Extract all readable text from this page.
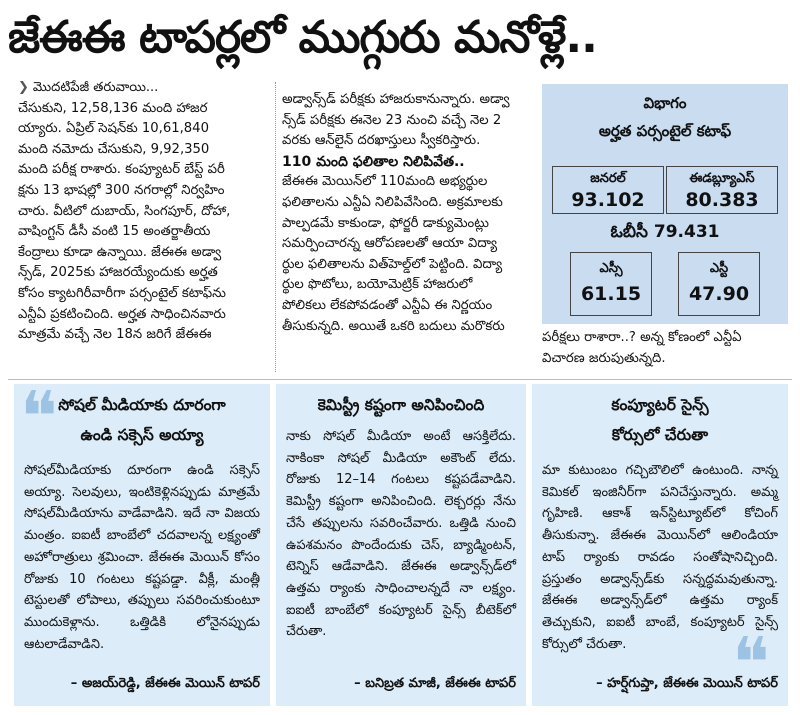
జేఈఈ టాపర్లలో ముగ్గురు మనోళ్లే..

❯ మొదటిపేజీ తరువాయి...

చేసుకుని, 12,58,136 మంది హాజర

య్యారు. ఏప్రిల్ సెషన్‌కు 10,61,840

మంది నమోదు చేసుకుని, 9,92,350

మంది పరీక్ష రాశారు. కంప్యూటర్ బేస్ట్ పరీ

క్షను 13 భాషల్లో 300 నగరాల్లో నిర్వహిం

చారు. వీటిలో దుబాయ్, సింగపూర్, దోహా,

వాషింగ్టన్ డీసీ వంటి 15 అంతర్జాతీయ

కేంద్రాలు కూడా ఉన్నాయి. జేఈఈ అడ్వా

న్స్‌డ్, 2025కు హాజరయ్యేందుకు అర్హత

కోసం క్యాటగిరీవారీగా పర్సంటైల్ కటాఫ్‌ను

ఎన్టీఏ ప్రకటించింది. అర్హత సాధించినవారు

మాత్రమే వచ్చే నెల 18న జరిగే జేఈఈ

అడ్వాన్స్‌డ్ పరీక్షకు హాజరుకానున్నారు. అడ్వా

న్స్‌డ్ పరీక్షకు ఈనెల 23 నుంచి వచ్చే నెల 2

వరకు ఆన్‌లైన్ దరఖాస్తులు స్వీకరిస్తారు.

110 మంది ఫలితాల నిలిపివేత..

జేఈఈ మెయిన్‌లో 110మంది అభ్యర్థుల

ఫలితాలను ఎన్టీఏ నిలిపివేసింది. అక్రమాలకు

పాల్పడమే కాకుండా, ఫోర్జరీ డాక్యుమెంట్లు

సమర్పించారన్న ఆరోపణలతో ఆయా విద్యా

ర్థుల ఫలితాలను విత్‌హెల్డ్‌లో పెట్టింది. విద్యా

ర్థుల ఫొటోలు, బయోమెట్రిక్ హాజరులో

పోలికలు లేకపోవడంతో ఎన్టీఏ ఈ నిర్ణయం

తీసుకున్నది. అయితే ఒకరి బదులు మరొకరు

విభాగం
అర్హత పర్సంటైల్ కటాఫ్
జనరల్
93.102
ఈడబ్ల్యూఎస్
80.383
ఓబీసీ 79.431
ఎస్సీ
61.15
ఎస్టీ
47.90

పరీక్షలు రాశారా..? అన్న కోణంలో ఎన్టీఏ

విచారణ జరుపుతున్నది.

సోషల్ మీడియాకు దూరంగా
ఉండి సక్సెస్ అయ్యా
సోషల్‌మీడియాకు దూరంగా ఉండి సక్సెస్ అయ్యా. సెలవులు, ఇంటికెళ్లినప్పుడు మాత్రమే సోషల్‌మీడియాను వాడేవాడిని. ఇదే నా విజయ మంత్రం. ఐఐటీ బాంబేలో చదవాలన్న లక్ష్యంతో అహోరాత్రులు శ్రమించా. జేఈఈ మెయిన్ కోసం రోజుకు 10 గంటలు కష్టపడ్డా. వీక్లీ, మంత్లీ టెస్టులతో లోపాలు, తప్పులు సవరించుకుంటూ ముందుకెళ్లాను. ఒత్తిడికి లోనైనప్పుడు ఆటలాడేవాడిని.
– అజయ్‌రెడ్డి, జేఈఈ మెయిన్ టాపర్
కెమిస్ట్రీ కష్టంగా అనిపించింది
నాకు సోషల్ మీడియా అంటే ఆసక్తిలేదు. నాకింకా సోషల్ మీడియా అకౌంట్ లేదు. రోజుకు 12–14 గంటలు కష్టపడేవాడిని. కెమిస్ట్రీ కష్టంగా అనిపించింది. లెక్చరర్లు నేను చేసే తప్పులను సవరించేవారు. ఒత్తిడి నుంచి ఉపశమనం పొందేందుకు చెస్, బ్యాడ్మింటన్, టెన్నిస్ ఆడేవాడిని. జేఈఈ అడ్వాన్స్‌డ్‌లో ఉత్తమ ర్యాంకు సాధించాలన్నదే నా లక్ష్యం. ఐఐటీ బాంబేలో కంప్యూటర్ సైన్స్ బీటెక్‌లో చేరుతా.
– బనిబ్రత మాజీ, జేఈఈ టాపర్
కంప్యూటర్ సైన్స్
కోర్సులో చేరుతా
మా కుటుంబం గచ్చిబౌలిలో ఉంటుంది. నాన్న కెమికల్ ఇంజినీర్‌గా పనిచేస్తున్నారు. అమ్మ గృహిణి. ఆకాశ్ ఇన్‌స్టిట్యూట్‌లో కోచింగ్ తీసుకున్నా. జేఈఈ మెయిన్‌లో ఆలిండియా టాప్ ర్యాంకు రావడం సంతోషానిచ్చింది. ప్రస్తుతం అడ్వాన్స్‌డ్‌కు సన్నద్ధమవుతున్నా. జేఈఈ అడ్వాన్స్‌డ్‌లో ఉత్తమ ర్యాంక్ తెచ్చుకుని, ఐఐటీ బాంబే, కంప్యూటర్ సైన్స్ కోర్సులో చేరుతా.
– హర్ష్‌గుప్తా, జేఈఈ మెయిన్ టాపర్
❝
❝
